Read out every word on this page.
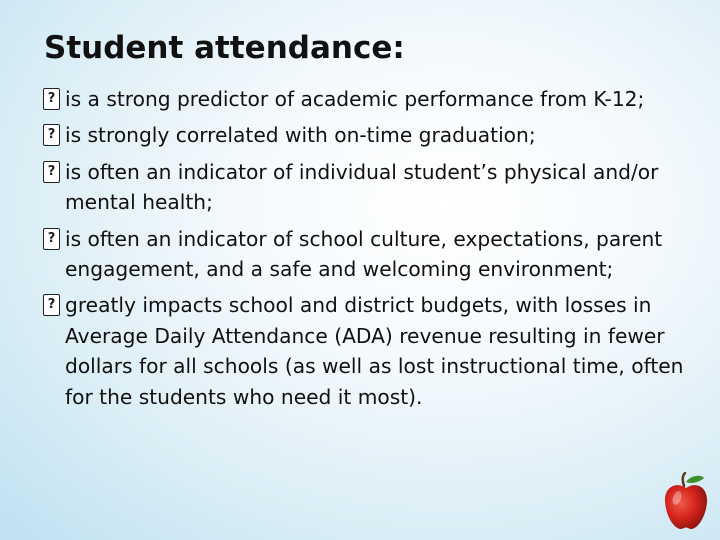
Student attendance:
?
is a strong predictor of academic performance from K-12;
?
is strongly correlated with on-time graduation;
?
is often an indicator of individual student’s physical and/or mental health;
?
is often an indicator of school culture, expectations, parent engagement, and a safe and welcoming environment;
?
greatly impacts school and district budgets, with losses in Average Daily Attendance (ADA) revenue resulting in fewer dollars for all schools (as well as lost instructional time, often for the students who need it most).
